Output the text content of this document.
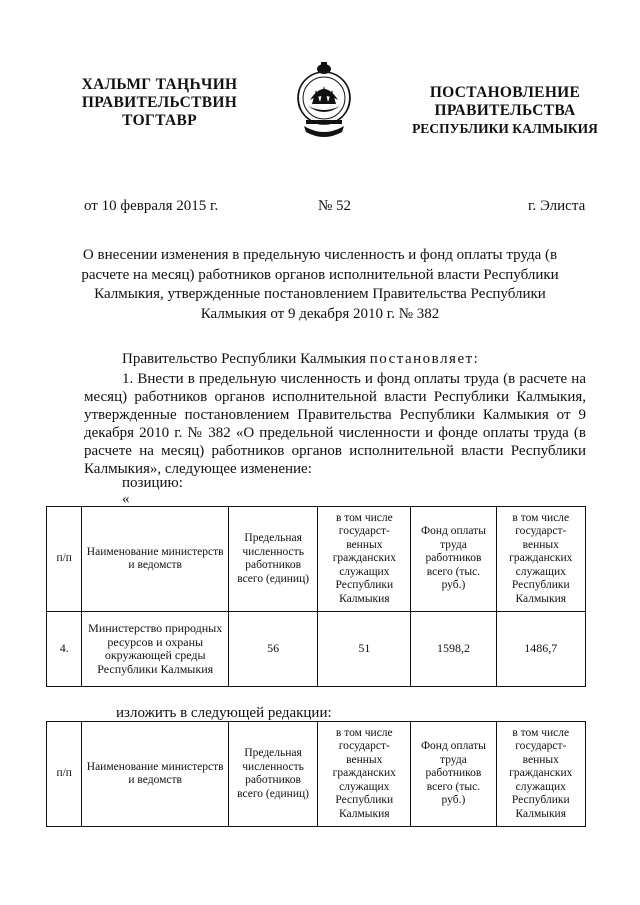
ХАЛЬМГ ТАҢҺЧИН
ПРАВИТЕЛЬСТВИН
ТОГТАВР
ПОСТАНОВЛЕНИЕ
ПРАВИТЕЛЬСТВА
РЕСПУБЛИКИ КАЛМЫКИЯ
от 10 февраля 2015 г.	№ 52	г. Элиста
О внесении изменения в предельную численность и фонд оплаты труда (в расчете на месяц) работников органов исполнительной власти Республики Калмыкия, утвержденные постановлением Правительства Республики Калмыкия от 9 декабря 2010 г. № 382
Правительство Республики Калмыкия постановляет:
1. Внести в предельную численность и фонд оплаты труда (в расчете на месяц) работников органов исполнительной власти Республики Калмыкия, утвержденные постановлением Правительства Республики Калмыкия от 9 декабря 2010 г. № 382 «О предельной численности и фонде оплаты труда (в расчете на месяц) работников органов исполнительной власти Республики Калмыкия», следующее изменение:
позицию:
«
п/п	Наименование министерств и ведомств	Предельная численность работников всего (единиц)	в том числе государст-венных гражданских служащих Республики Калмыкия	Фонд оплаты труда работников всего (тыс. руб.)	в том числе государст-венных гражданских служащих Республики Калмыкия
4.	Министерство природных ресурсов и охраны окружающей среды Республики Калмыкия	56	51	1598,2	1486,7
изложить в следующей редакции:
п/п	Наименование министерств и ведомств	Предельная численность работников всего (единиц)	в том числе государст-венных гражданских служащих Республики Калмыкия	Фонд оплаты труда работников всего (тыс. руб.)	в том числе государст-венных гражданских служащих Республики Калмыкия
